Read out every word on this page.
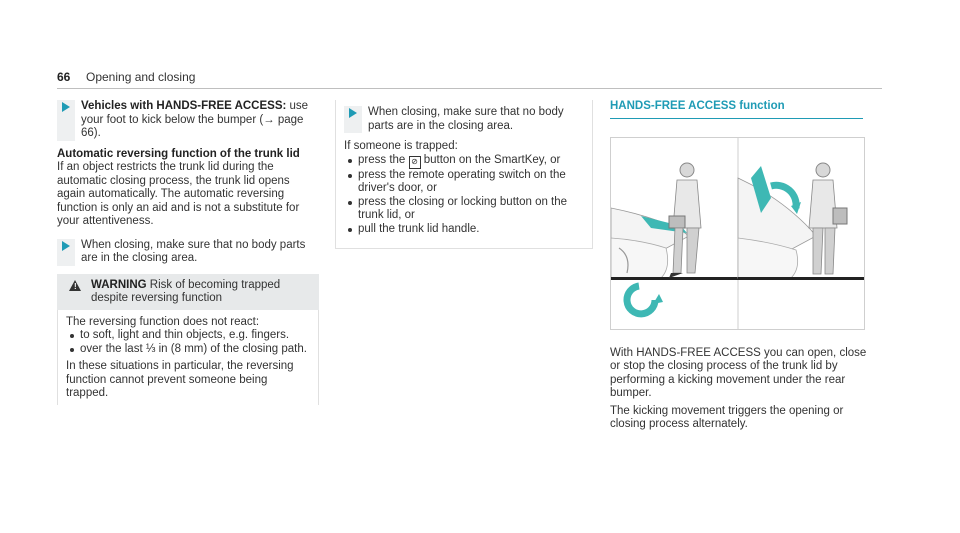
66 Opening and closing

Vehicles with HANDS-FREE ACCESS: use your foot to kick below the bumper (→ page 66).

Automatic reversing function of the trunk lid

If an object restricts the trunk lid during the automatic closing process, the trunk lid opens again automatically. The automatic reversing function is only an aid and is not a substitute for your attentiveness.

When closing, make sure that no body parts are in the closing area.

! WARNING Risk of becoming trapped despite reversing function

The reversing function does not react:

to soft, light and thin objects, e.g. fingers.
over the last ⅓ in (8 mm) of the closing path.

In these situations in particular, the reversing function cannot prevent someone being trapped.

When closing, make sure that no body parts are in the closing area.

If someone is trapped:

press the ⊘ button on the SmartKey, or
press the remote operating switch on the driver's door, or
press the closing or locking button on the trunk lid, or
pull the trunk lid handle.
HANDS-FREE ACCESS function

With HANDS-FREE ACCESS you can open, close or stop the closing process of the trunk lid by performing a kicking movement under the rear bumper.

The kicking movement triggers the opening or closing process alternately.
